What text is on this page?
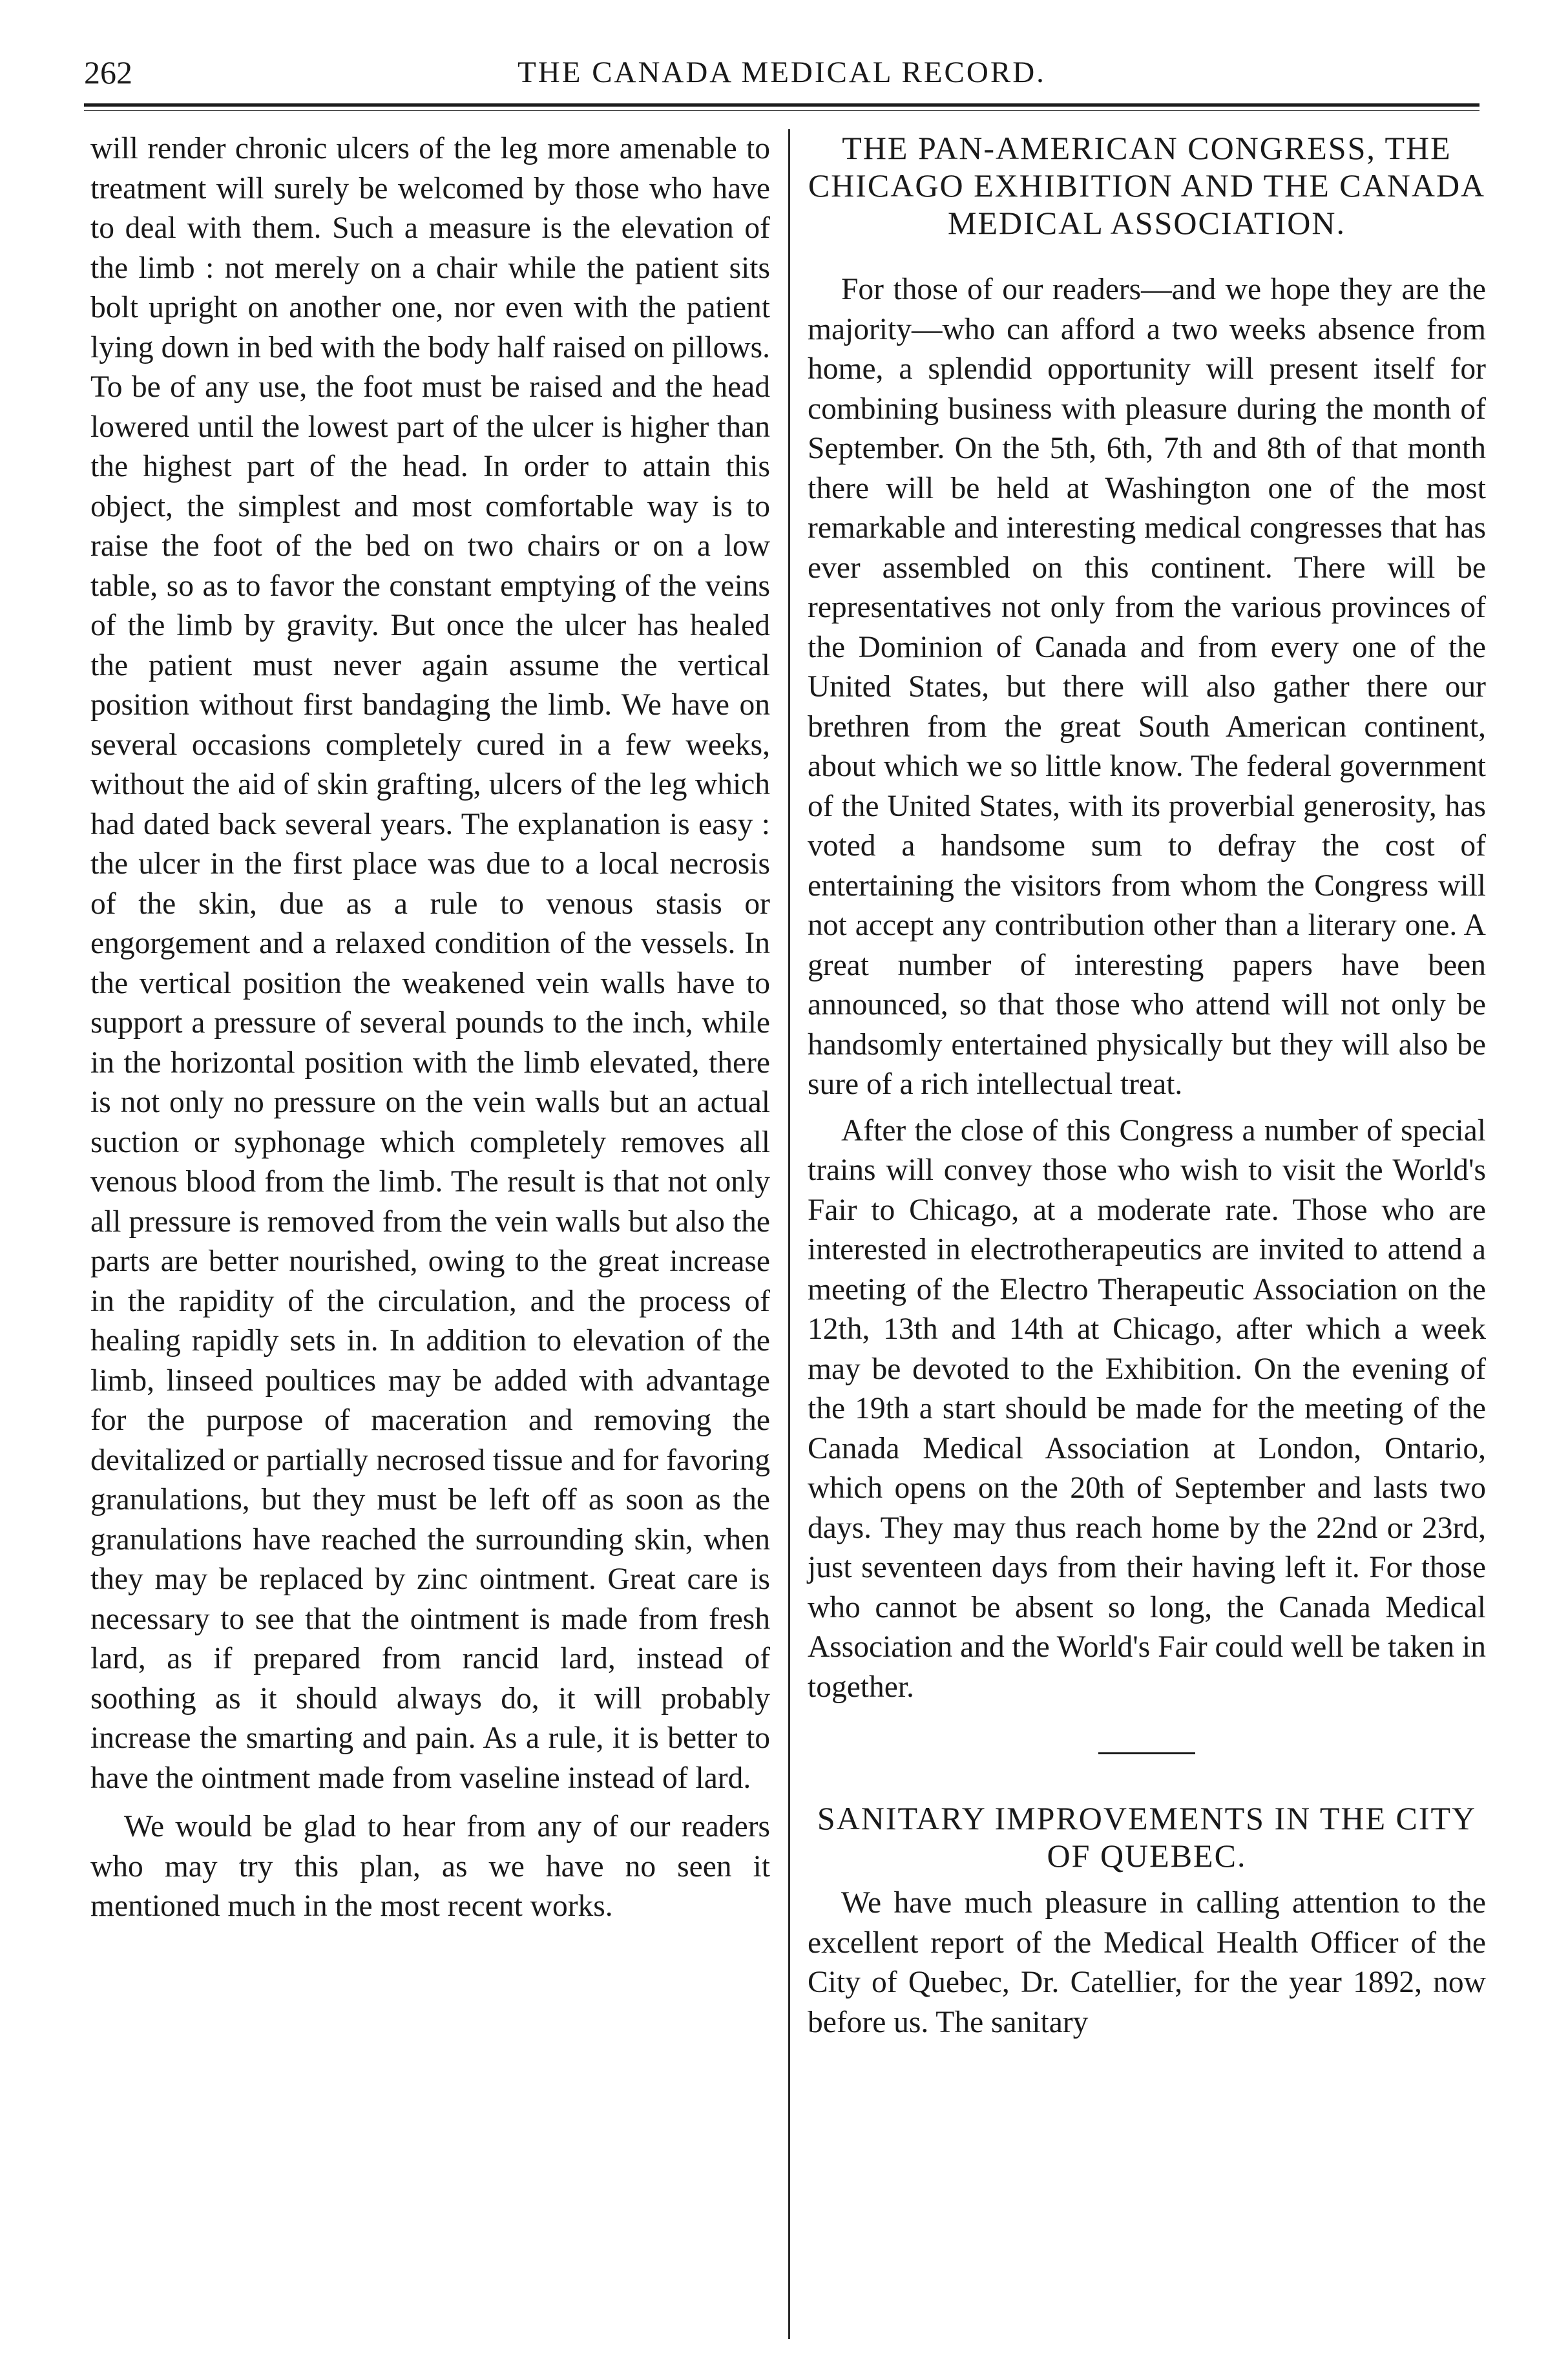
262	THE CANADA MEDICAL RECORD.

will render chronic ulcers of the leg more amenable to treatment will surely be welcomed by those who have to deal with them. Such a measure is the elevation of the limb : not merely on a chair while the patient sits bolt upright on another one, nor even with the patient lying down in bed with the body half raised on pillows. To be of any use, the foot must be raised and the head lowered until the lowest part of the ulcer is higher than the highest part of the head. In order to attain this object, the simplest and most comfortable way is to raise the foot of the bed on two chairs or on a low table, so as to favor the constant emptying of the veins of the limb by gravity. But once the ulcer has healed the patient must never again assume the vertical position without first bandaging the limb. We have on several occasions completely cured in a few weeks, without the aid of skin grafting, ulcers of the leg which had dated back several years. The explanation is easy : the ulcer in the first place was due to a local necrosis of the skin, due as a rule to venous stasis or engorgement and a relaxed condition of the vessels. In the vertical position the weakened vein walls have to support a pressure of several pounds to the inch, while in the horizontal position with the limb elevated, there is not only no pressure on the vein walls but an actual suction or syphonage which completely removes all venous blood from the limb. The result is that not only all pressure is removed from the vein walls but also the parts are better nourished, owing to the great increase in the rapidity of the circulation, and the process of healing rapidly sets in. In addition to elevation of the limb, linseed poultices may be added with advantage for the purpose of maceration and removing the devitalized or partially necrosed tissue and for favoring granulations, but they must be left off as soon as the granulations have reached the surrounding skin, when they may be replaced by zinc ointment. Great care is necessary to see that the ointment is made from fresh lard, as if prepared from rancid lard, instead of soothing as it should always do, it will probably increase the smarting and pain. As a rule, it is better to have the ointment made from vaseline instead of lard.

We would be glad to hear from any of our readers who may try this plan, as we have no seen it mentioned much in the most recent works.

THE PAN-AMERICAN CONGRESS, THE CHICAGO EXHIBITION AND THE CANADA MEDICAL ASSOCIATION.

For those of our readers—and we hope they are the majority—who can afford a two weeks absence from home, a splendid opportunity will present itself for combining business with pleasure during the month of September. On the 5th, 6th, 7th and 8th of that month there will be held at Washington one of the most remarkable and interesting medical congresses that has ever assembled on this continent. There will be representatives not only from the various provinces of the Dominion of Canada and from every one of the United States, but there will also gather there our brethren from the great South American continent, about which we so little know. The federal government of the United States, with its proverbial generosity, has voted a handsome sum to defray the cost of entertaining the visitors from whom the Congress will not accept any contribution other than a literary one. A great number of interesting papers have been announced, so that those who attend will not only be handsomly entertained physically but they will also be sure of a rich intellectual treat.

After the close of this Congress a number of special trains will convey those who wish to visit the World's Fair to Chicago, at a moderate rate. Those who are interested in electrotherapeutics are invited to attend a meeting of the Electro Therapeutic Association on the 12th, 13th and 14th at Chicago, after which a week may be devoted to the Exhibition. On the evening of the 19th a start should be made for the meeting of the Canada Medical Association at London, Ontario, which opens on the 20th of September and lasts two days. They may thus reach home by the 22nd or 23rd, just seventeen days from their having left it. For those who cannot be absent so long, the Canada Medical Association and the World's Fair could well be taken in together.

SANITARY IMPROVEMENTS IN THE CITY OF QUEBEC.

We have much pleasure in calling attention to the excellent report of the Medical Health Officer of the City of Quebec, Dr. Catellier, for the year 1892, now before us. The sanitary
